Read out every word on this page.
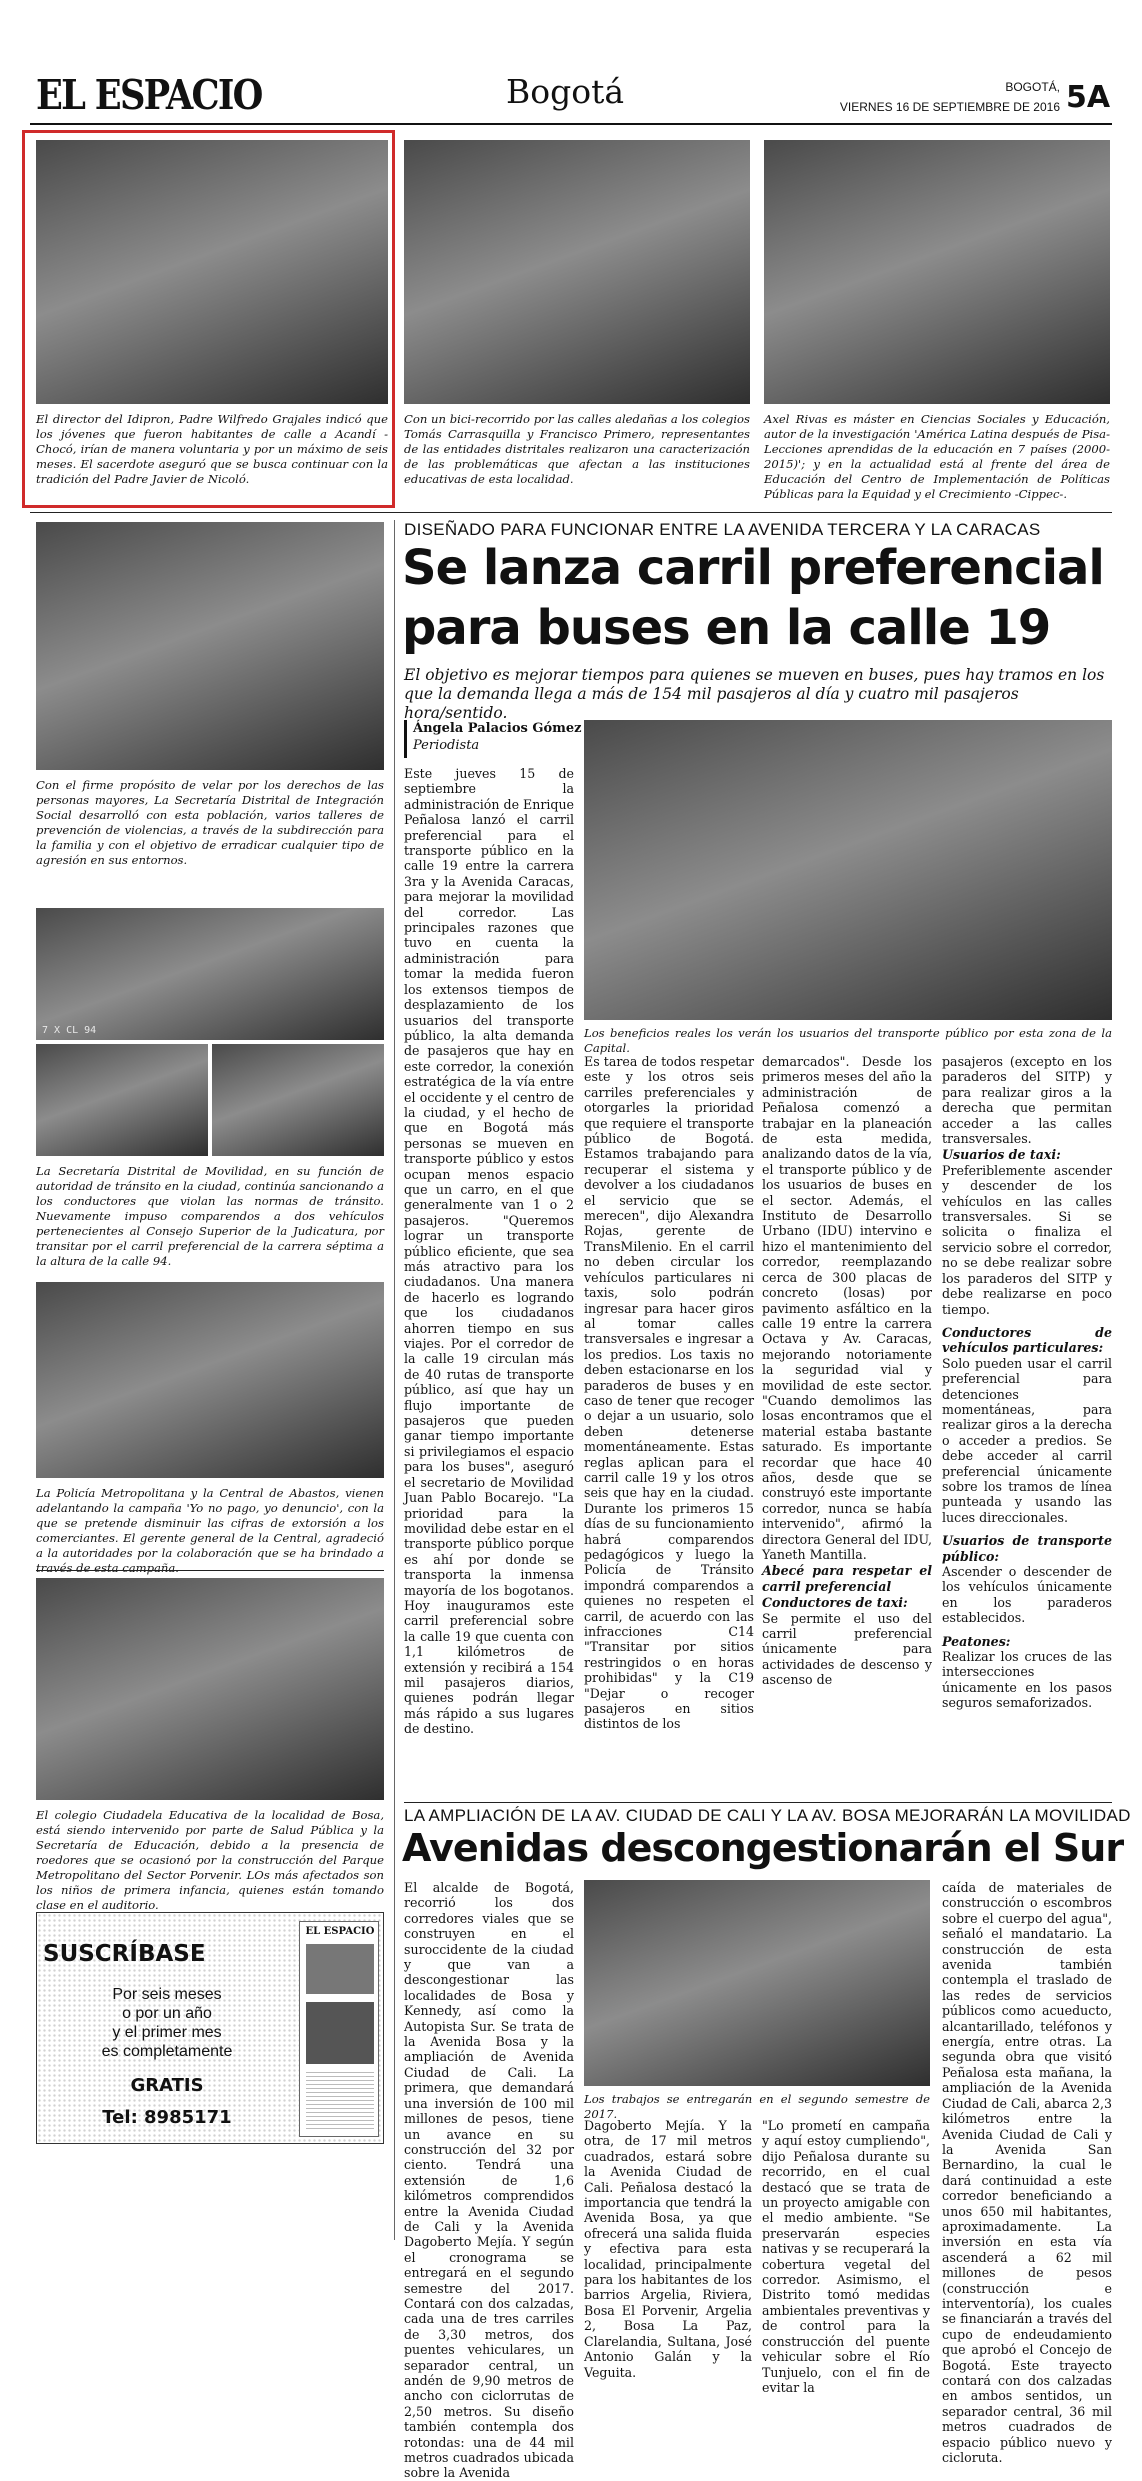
EL ESPACIO	Bogotá	BOGOTÁ,
VIERNES 16 DE SEPTIEMBRE DE 2016 5A
El director del Idipron, Padre Wilfredo Grajales indicó que los jóvenes que fueron habitantes de calle a Acandí - Chocó, irían de manera voluntaria y por un máximo de seis meses. El sacerdote aseguró que se busca continuar con la tradición del Padre Javier de Nicoló.
Con un bici-recorrido por las calles aledañas a los colegios Tomás Carrasquilla y Francisco Primero, representantes de las entidades distritales realizaron una caracterización de las problemáticas que afectan a las instituciones educativas de esta localidad.
Axel Rivas es máster en Ciencias Sociales y Educación, autor de la investigación 'América Latina después de Pisa- Lecciones aprendidas de la educación en 7 países (2000-2015)'; y en la actualidad está al frente del área de Educación del Centro de Implementación de Políticas Públicas para la Equidad y el Crecimiento -Cippec-.
Con el firme propósito de velar por los derechos de las personas mayores, La Secretaría Distrital de Integración Social desarrolló con esta población, varios talleres de prevención de violencias, a través de la subdirección para la familia y con el objetivo de erradicar cualquier tipo de agresión en sus entornos.
7 X CL 94
La Secretaría Distrital de Movilidad, en su función de autoridad de tránsito en la ciudad, continúa sancionando a los conductores que violan las normas de tránsito. Nuevamente impuso comparendos a dos vehículos pertenecientes al Consejo Superior de la Judicatura, por transitar por el carril preferencial de la carrera séptima a la altura de la calle 94.
La Policía Metropolitana y la Central de Abastos, vienen adelantando la campaña 'Yo no pago, yo denuncio', con la que se pretende disminuir las cifras de extorsión a los comerciantes. El gerente general de la Central, agradeció a la autoridades por la colaboración que se ha brindado a través de esta campaña.
El colegio Ciudadela Educativa de la localidad de Bosa, está siendo intervenido por parte de Salud Pública y la Secretaría de Educación, debido a la presencia de roedores que se ocasionó por la construcción del Parque Metropolitano del Sector Porvenir. LOs más afectados son los niños de primera infancia, quienes están tomando clase en el auditorio.
SUSCRÍBASE
Por seis meses
o por un año
y el primer mes
es completamente
GRATIS
Tel: 8985171
EL ESPACIO
DISEÑADO PARA FUNCIONAR ENTRE LA AVENIDA TERCERA Y LA CARACAS
Se lanza carril preferencial
para buses en la calle 19
El objetivo es mejorar tiempos para quienes se mueven en buses, pues hay tramos en los que la demanda llega a más de 154 mil pasajeros al día y cuatro mil pasajeros hora/sentido.
Ángela Palacios Gómez
Periodista
Este jueves 15 de septiembre la administración de Enrique Peñalosa lanzó el carril preferencial para el transporte público en la calle 19 entre la carrera 3ra y la Avenida Caracas, para mejorar la movilidad del corredor. Las principales razones que tuvo en cuenta la administración para tomar la medida fueron los extensos tiempos de desplazamiento de los usuarios del transporte público, la alta demanda de pasajeros que hay en este corredor, la conexión estratégica de la vía entre el occidente y el centro de la ciudad, y el hecho de que en Bogotá más personas se mueven en transporte público y estos ocupan menos espacio que un carro, en el que generalmente van 1 o 2 pasajeros. "Queremos lograr un transporte público eficiente, que sea más atractivo para los ciudadanos. Una manera de hacerlo es logrando que los ciudadanos ahorren tiempo en sus viajes. Por el corredor de la calle 19 circulan más de 40 rutas de transporte público, así que hay un flujo importante de pasajeros que pueden ganar tiempo importante si privilegiamos el espacio para los buses", aseguró el secretario de Movilidad Juan Pablo Bocarejo. "La prioridad para la movilidad debe estar en el transporte público porque es ahí por donde se transporta la inmensa mayoría de los bogotanos. Hoy inauguramos este carril preferencial sobre la calle 19 que cuenta con 1,1 kilómetros de extensión y recibirá a 154 mil pasajeros diarios, quienes podrán llegar más rápido a sus lugares de destino.
Los beneficios reales los verán los usuarios del transporte público por esta zona de la Capital.
Es tarea de todos respetar este y los otros seis carriles preferenciales y otorgarles la prioridad que requiere el transporte público de Bogotá. Estamos trabajando para recuperar el sistema y devolver a los ciudadanos el servicio que se merecen", dijo Alexandra Rojas, gerente de TransMilenio. En el carril no deben circular los vehículos particulares ni taxis, solo podrán ingresar para hacer giros al tomar calles transversales e ingresar a los predios. Los taxis no deben estacionarse en los paraderos de buses y en caso de tener que recoger o dejar a un usuario, solo deben detenerse momentáneamente. Estas reglas aplican para el carril calle 19 y los otros seis que hay en la ciudad. Durante los primeros 15 días de su funcionamiento habrá comparendos pedagógicos y luego la Policía de Tránsito impondrá comparendos a quienes no respeten el carril, de acuerdo con las infracciones C14 "Transitar por sitios restringidos o en horas prohibidas" y la C19 "Dejar o recoger pasajeros en sitios distintos de los

demarcados". Desde los primeros meses del año la administración de Peñalosa comenzó a trabajar en la planeación de esta medida, analizando datos de la vía, el transporte público y de los usuarios de buses en el sector. Además, el Instituto de Desarrollo Urbano (IDU) intervino e hizo el mantenimiento del corredor, reemplazando cerca de 300 placas de concreto (losas) por pavimento asfáltico en la calle 19 entre la carrera Octava y Av. Caracas, mejorando notoriamente la seguridad vial y movilidad de este sector. "Cuando demolimos las losas encontramos que el material estaba bastante saturado. Es importante recordar que hace 40 años, desde que se construyó este importante corredor, nunca se había intervenido", afirmó la directora General del IDU, Yaneth Mantilla.

Abecé para respetar el carril preferencial

Conductores de taxi:

Se permite el uso del carril preferencial únicamente para actividades de descenso y ascenso de

pasajeros (excepto en los paraderos del SITP) y para realizar giros a la derecha que permitan acceder a las calles transversales.

Usuarios de taxi:

Preferiblemente ascender y descender de los vehículos en las calles transversales. Si se solicita o finaliza el servicio sobre el corredor, no se debe realizar sobre los paraderos del SITP y debe realizarse en poco tiempo.

Conductores de vehículos particulares:

Solo pueden usar el carril preferencial para detenciones momentáneas, para realizar giros a la derecha o acceder a predios. Se debe acceder al carril preferencial únicamente sobre los tramos de línea punteada y usando las luces direccionales.

Usuarios de transporte público:

Ascender o descender de los vehículos únicamente en los paraderos establecidos.

Peatones:

Realizar los cruces de las intersecciones únicamente en los pasos seguros semaforizados.

LA AMPLIACIÓN DE LA AV. CIUDAD DE CALI Y LA AV. BOSA MEJORARÁN LA MOVILIDAD
Avenidas descongestionarán el Sur
El alcalde de Bogotá, recorrió los dos corredores viales que se construyen en el suroccidente de la ciudad y que van a descongestionar las localidades de Bosa y Kennedy, así como la Autopista Sur. Se trata de la Avenida Bosa y la ampliación de Avenida Ciudad de Cali. La primera, que demandará una inversión de 100 mil millones de pesos, tiene un avance en su construcción del 32 por ciento. Tendrá una extensión de 1,6 kilómetros comprendidos entre la Avenida Ciudad de Cali y la Avenida Dagoberto Mejía. Y según el cronograma se entregará en el segundo semestre del 2017. Contará con dos calzadas, cada una de tres carriles de 3,30 metros, dos puentes vehiculares, un separador central, un andén de 9,90 metros de ancho con ciclorrutas de 2,50 metros. Su diseño también contempla dos rotondas: una de 44 mil metros cuadrados ubicada sobre la Avenida
Los trabajos se entregarán en el segundo semestre de 2017.
Dagoberto Mejía. Y la otra, de 17 mil metros cuadrados, estará sobre la Avenida Ciudad de Cali. Peñalosa destacó la importancia que tendrá la Avenida Bosa, ya que ofrecerá una salida fluida y efectiva para esta localidad, principalmente para los habitantes de los barrios Argelia, Riviera, Bosa El Porvenir, Argelia 2, Bosa La Paz, Clarelandia, Sultana, José Antonio Galán y la Veguita.
"Lo prometí en campaña y aquí estoy cumpliendo", dijo Peñalosa durante su recorrido, en el cual destacó que se trata de un proyecto amigable con el medio ambiente. "Se preservarán especies nativas y se recuperará la cobertura vegetal del corredor. Asimismo, el Distrito tomó medidas ambientales preventivas y de control para la construcción del puente vehicular sobre el Río Tunjuelo, con el fin de evitar la
caída de materiales de construcción o escombros sobre el cuerpo del agua", señaló el mandatario. La construcción de esta avenida también contempla el traslado de las redes de servicios públicos como acueducto, alcantarillado, teléfonos y energía, entre otras. La segunda obra que visitó Peñalosa esta mañana, la ampliación de la Avenida Ciudad de Cali, abarca 2,3 kilómetros entre la Avenida Ciudad de Cali y la Avenida San Bernardino, la cual le dará continuidad a este corredor beneficiando a unos 650 mil habitantes, aproximadamente. La inversión en esta vía ascenderá a 62 mil millones de pesos (construcción e interventoría), los cuales se financiarán a través del cupo de endeudamiento que aprobó el Concejo de Bogotá. Este trayecto contará con dos calzadas en ambos sentidos, un separador central, 36 mil metros cuadrados de espacio público nuevo y cicloruta.
